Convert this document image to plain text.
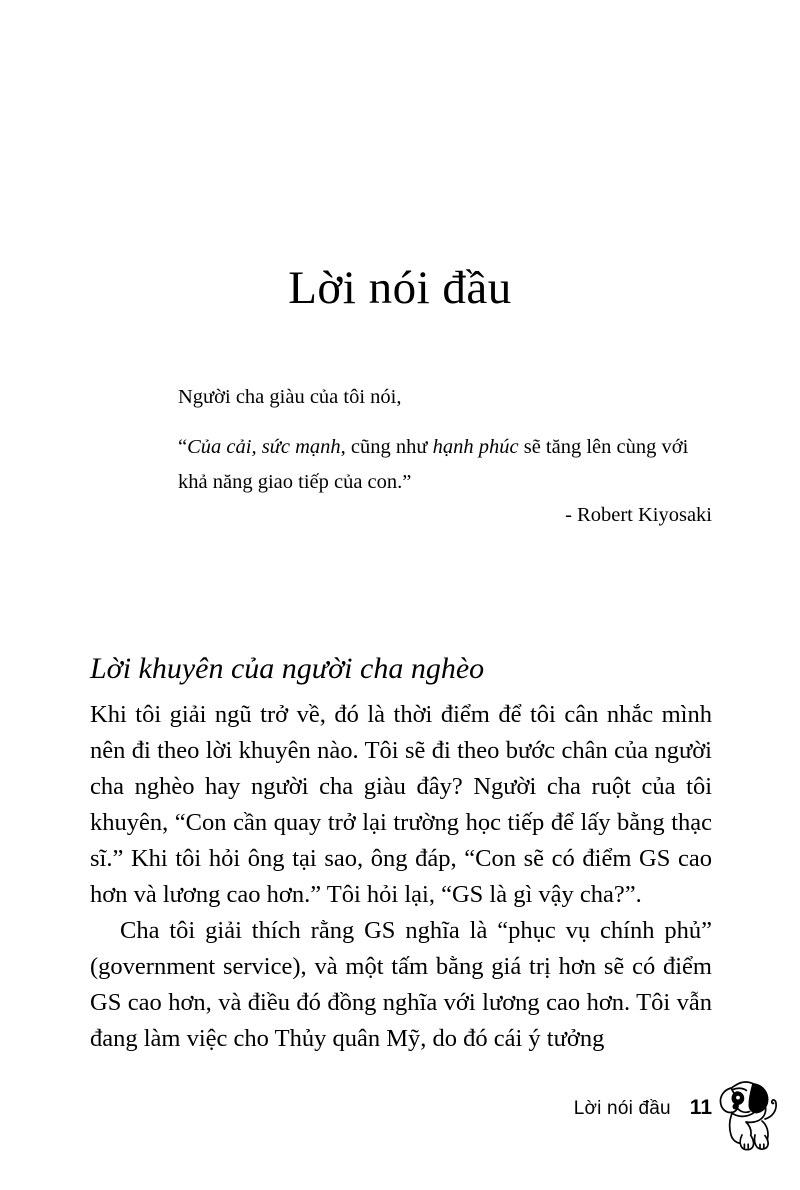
Lời nói đầu

Người cha giàu của tôi nói,

“Của cải, sức mạnh, cũng như hạnh phúc sẽ tăng lên cùng với khả năng giao tiếp của con.”

- Robert Kiyosaki
Lời khuyên của người cha nghèo

Khi tôi giải ngũ trở về, đó là thời điểm để tôi cân nhắc mình nên đi theo lời khuyên nào. Tôi sẽ đi theo bước chân của người cha nghèo hay người cha giàu đây? Người cha ruột của tôi khuyên, “Con cần quay trở lại trường học tiếp để lấy bằng thạc sĩ.” Khi tôi hỏi ông tại sao, ông đáp, “Con sẽ có điểm GS cao hơn và lương cao hơn.” Tôi hỏi lại, “GS là gì vậy cha?”.

Cha tôi giải thích rằng GS nghĩa là “phục vụ chính phủ” (government service), và một tấm bằng giá trị hơn sẽ có điểm GS cao hơn, và điều đó đồng nghĩa với lương cao hơn. Tôi vẫn đang làm việc cho Thủy quân Mỹ, do đó cái ý tưởng

Lời nói đầu 11
